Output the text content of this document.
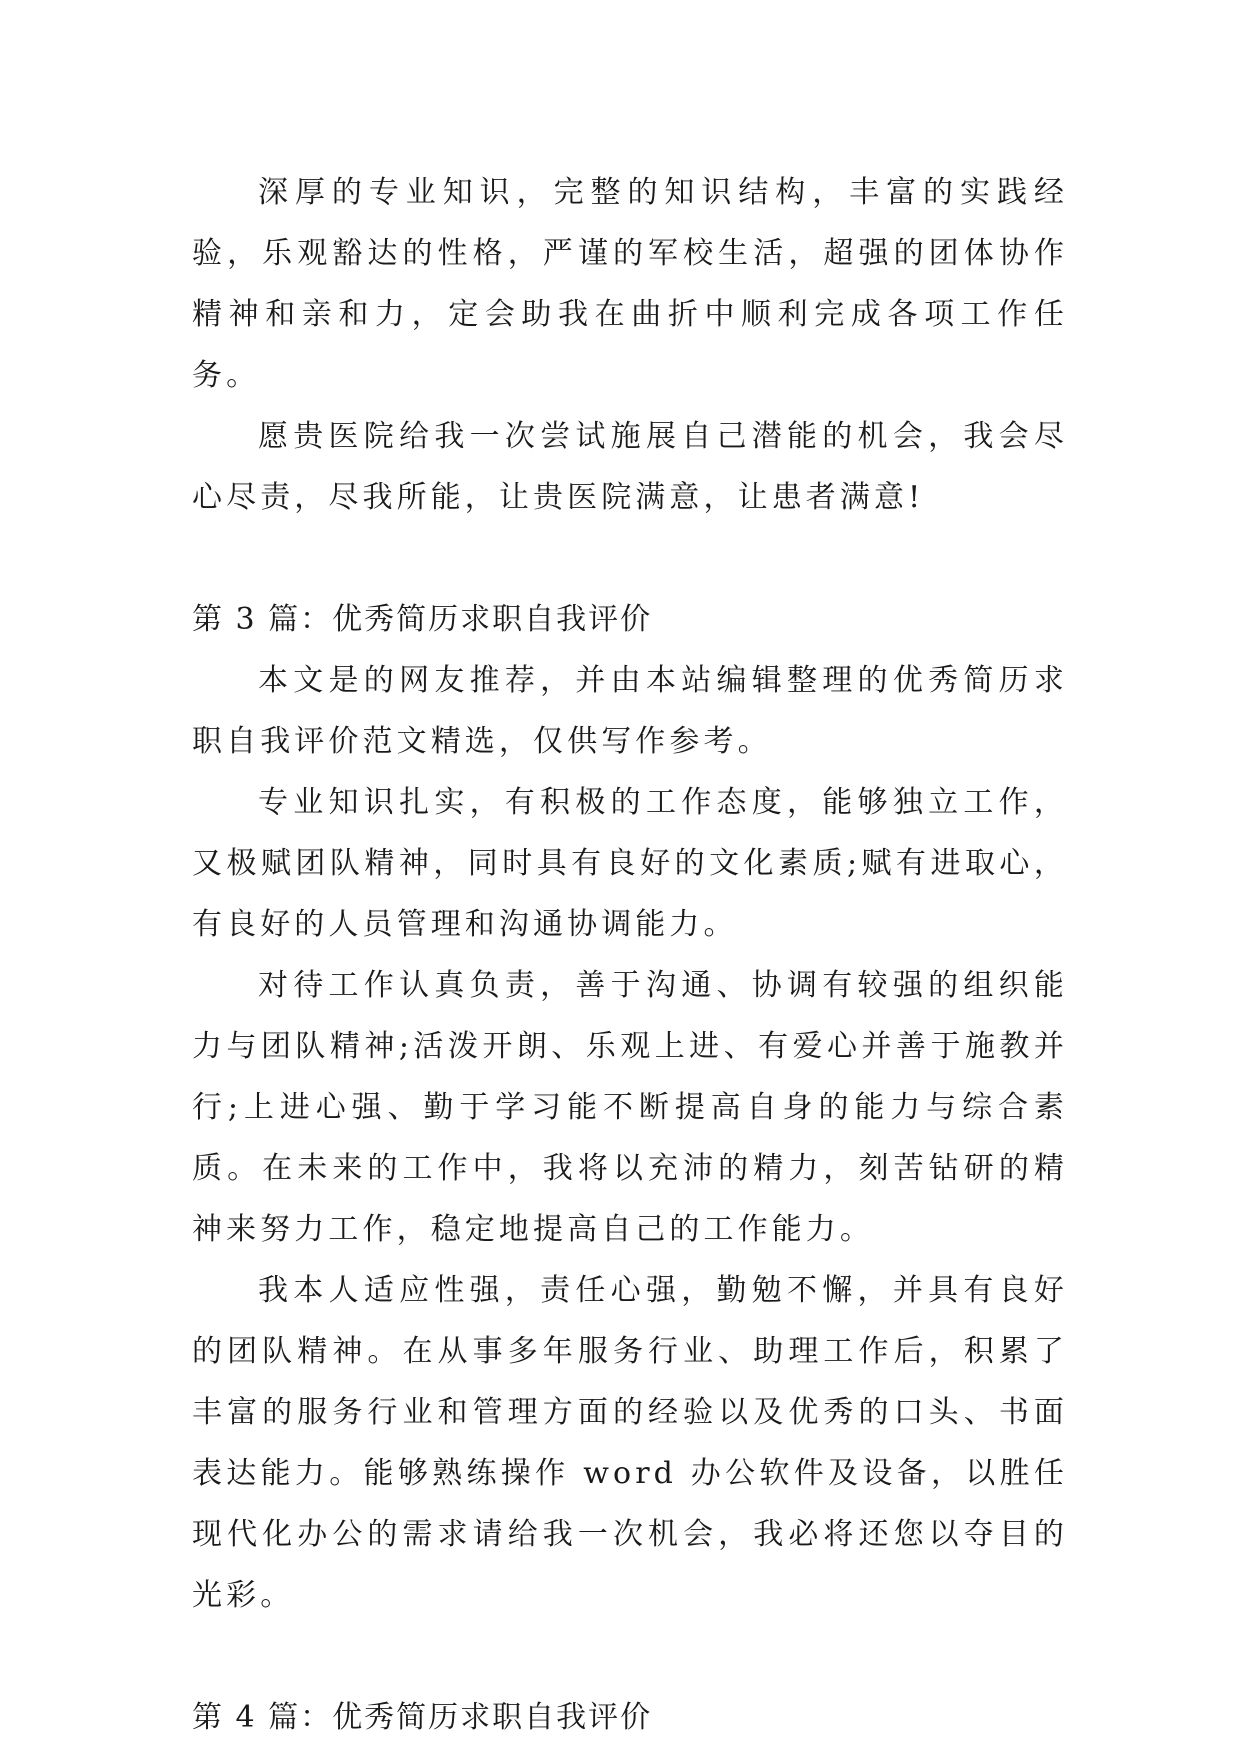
深厚的专业知识，完整的知识结构，丰富的实践经验，乐观豁达的性格，严谨的军校生活，超强的团体协作精神和亲和力，定会助我在曲折中顺利完成各项工作任务。

愿贵医院给我一次尝试施展自己潜能的机会，我会尽心尽责，尽我所能，让贵医院满意，让患者满意!

第 3 篇：优秀简历求职自我评价

本文是的网友推荐，并由本站编辑整理的优秀简历求职自我评价范文精选，仅供写作参考。

专业知识扎实，有积极的工作态度，能够独立工作，又极赋团队精神，同时具有良好的文化素质;赋有进取心，有良好的人员管理和沟通协调能力。

对待工作认真负责，善于沟通、协调有较强的组织能力与团队精神;活泼开朗、乐观上进、有爱心并善于施教并行;上进心强、勤于学习能不断提高自身的能力与综合素质。在未来的工作中，我将以充沛的精力，刻苦钻研的精神来努力工作，稳定地提高自己的工作能力。

我本人适应性强，责任心强，勤勉不懈，并具有良好的团队精神。在从事多年服务行业、助理工作后，积累了丰富的服务行业和管理方面的经验以及优秀的口头、书面表达能力。能够熟练操作 word 办公软件及设备，以胜任现代化办公的需求请给我一次机会，我必将还您以夺目的光彩。

第 4 篇：优秀简历求职自我评价
